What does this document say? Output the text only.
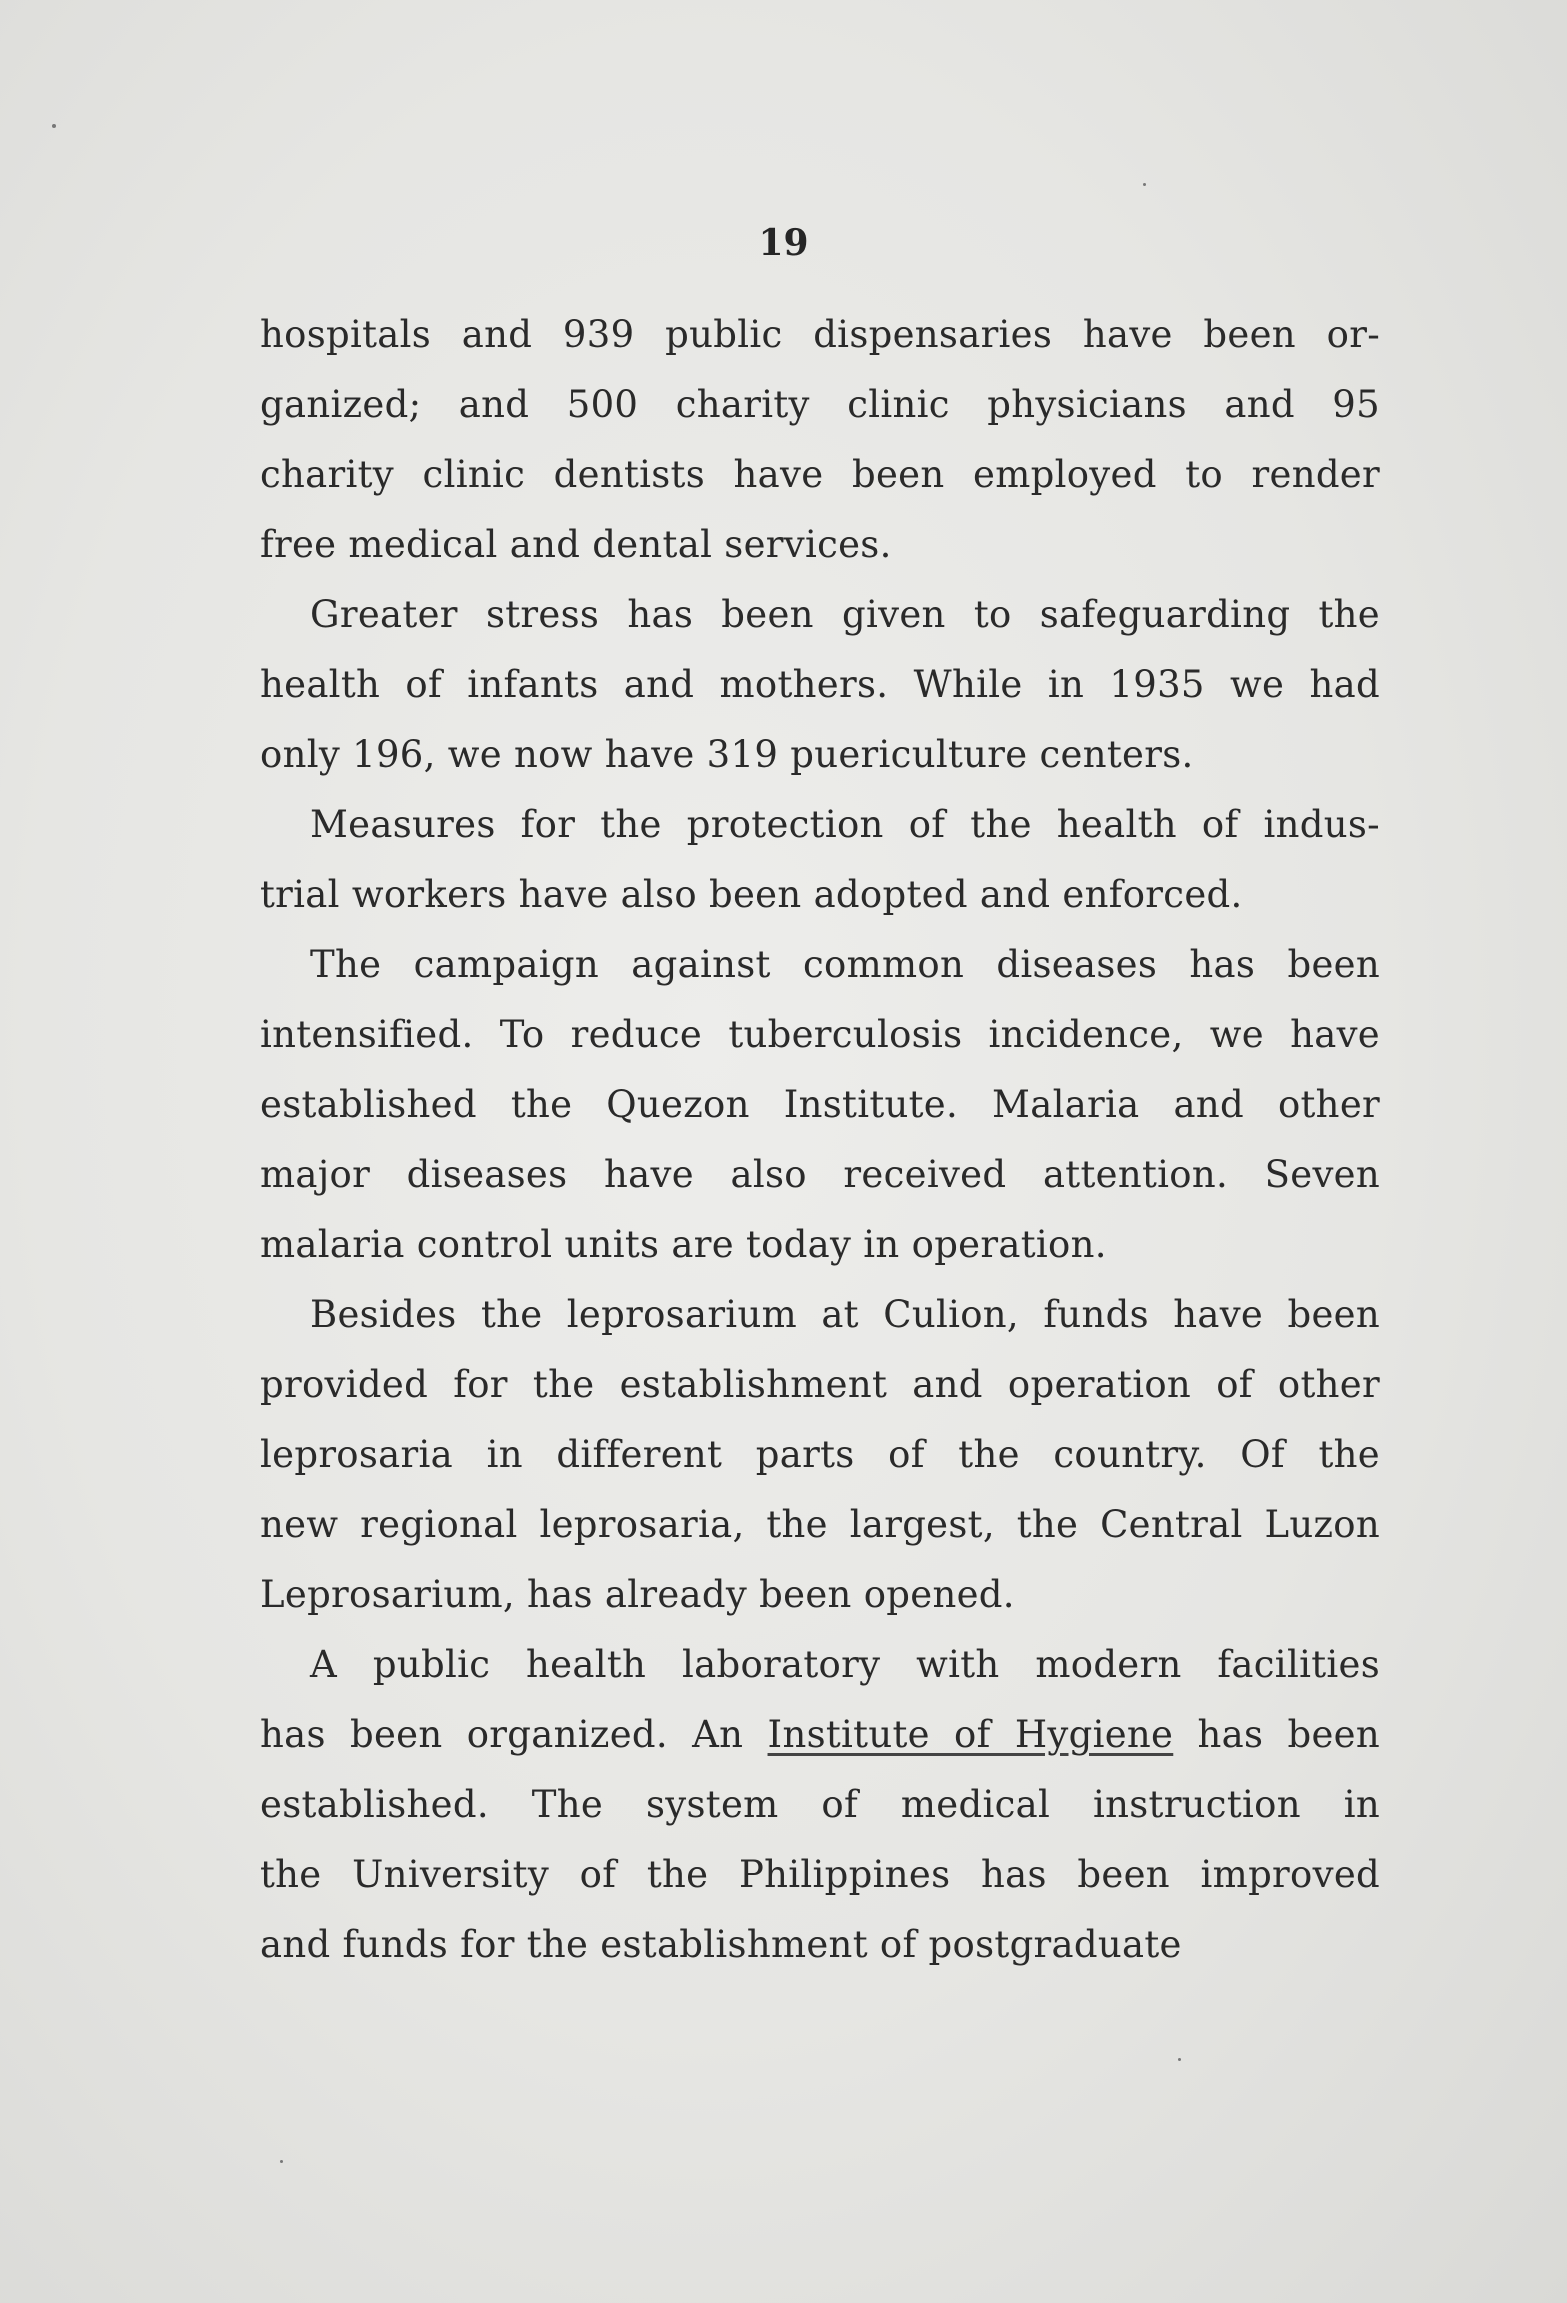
19
hospitals and 939 public dispensaries have been or-
ganized; and 500 charity clinic physicians and 95
charity clinic dentists have been employed to render
free medical and dental services.
Greater stress has been given to safeguarding the
health of infants and mothers. While in 1935 we had
only 196, we now have 319 puericulture centers.
Measures for the protection of the health of indus-
trial workers have also been adopted and enforced.
The campaign against common diseases has been
intensified. To reduce tuberculosis incidence, we have
established the Quezon Institute. Malaria and other
major diseases have also received attention. Seven
malaria control units are today in operation.
Besides the leprosarium at Culion, funds have been
provided for the establishment and operation of other
leprosaria in different parts of the country. Of the
new regional leprosaria, the largest, the Central Luzon
Leprosarium, has already been opened.
A public health laboratory with modern facilities
has been organized. An Institute of Hygiene has been
established. The system of medical instruction in
the University of the Philippines has been improved
and funds for the establishment of postgraduate
